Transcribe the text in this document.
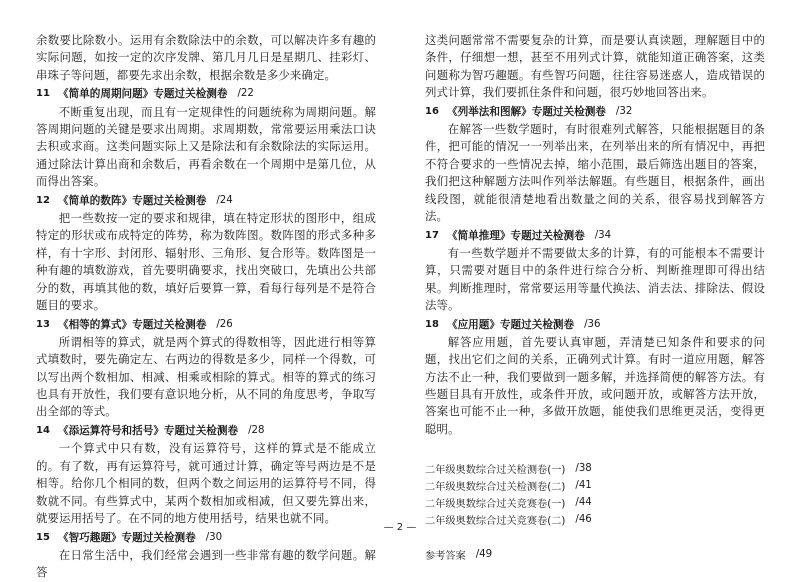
余数要比除数小。运用有余数除法中的余数，可以解决许多有趣的实际问题，如按一定的次序发牌、第几月几日是星期几、挂彩灯、串珠子等问题，都要先求出余数，根据余数是多少来确定。

11 《简单的周期问题》专题过关检测卷 /22

不断重复出现，而且有一定规律性的问题统称为周期问题。解答周期问题的关键是要求出周期。求周期数，常常要运用乘法口诀去积或求商。这类问题实际上又是除法和有余数除法的实际运用。通过除法计算出商和余数后，再看余数在一个周期中是第几位，从而得出答案。

12 《简单的数阵》专题过关检测卷 /24

把一些数按一定的要求和规律，填在特定形状的图形中，组成特定的形状或布成特定的阵势，称为数阵图。数阵图的形式多种多样，有十字形、封闭形、辐射形、三角形、复合形等。数阵图是一种有趣的填数游戏，首先要明确要求，找出突破口，先填出公共部分的数，再填其他的数，填好后要算一算，看每行每列是不是符合题目的要求。

13 《相等的算式》专题过关检测卷 /26

所谓相等的算式，就是两个算式的得数相等，因此进行相等算式填数时，要先确定左、右两边的得数是多少，同样一个得数，可以写出两个数相加、相减、相乘或相除的算式。相等的算式的练习也具有开放性，我们要有意识地分析，从不同的角度思考，争取写出全部的等式。

14 《添运算符号和括号》专题过关检测卷 /28

一个算式中只有数，没有运算符号，这样的算式是不能成立的。有了数，再有运算符号，就可通过计算，确定等号两边是不是相等。给你几个相同的数，但两个数之间运用的运算符号不同，得数就不同。有些算式中，某两个数相加或相减，但又要先算出来，就要运用括号了。在不同的地方使用括号，结果也就不同。

15 《智巧趣题》专题过关检测卷 /30

在日常生活中，我们经常会遇到一些非常有趣的数学问题。解答

这类问题常常不需要复杂的计算，而是要认真读题，理解题目中的条件，仔细想一想，甚至不用列式计算，就能知道正确答案，这类问题称为智巧趣题。有些智巧问题，往往容易迷惑人，造成错误的列式计算，我们要抓住条件和问题，很巧妙地回答出来。

16 《列举法和图解》专题过关检测卷 /32

在解答一些数学题时，有时很难列式解答，只能根据题目的条件，把可能的情况一一列举出来，在列举出来的所有情况中，再把不符合要求的一些情况去掉，缩小范围，最后筛选出题目的答案，我们把这种解题方法叫作列举法解题。有些题目，根据条件，画出线段图，就能很清楚地看出数量之间的关系，很容易找到解答方法。

17 《简单推理》专题过关检测卷 /34

有一些数学题并不需要做太多的计算，有的可能根本不需要计算，只需要对题目中的条件进行综合分析、判断推理即可得出结果。判断推理时，常常要运用等量代换法、消去法、排除法、假设法等。

18 《应用题》专题过关检测卷 /36

解答应用题，首先要认真审题，弄清楚已知条件和要求的问题，找出它们之间的关系，正确列式计算。有时一道应用题，解答方法不止一种，我们要做到一题多解，并选择简便的解答方法。有些题目具有开放性，或条件开放，或问题开放，或解答方法开放，答案也可能不止一种，多做开放题，能使我们思维更灵活，变得更聪明。

二年级奥数综合过关检测卷(一) /38
二年级奥数综合过关检测卷(二) /41
二年级奥数综合过关竞赛卷(一) /44
二年级奥数综合过关竞赛卷(二) /46
参考答案 /49
— 2 —
